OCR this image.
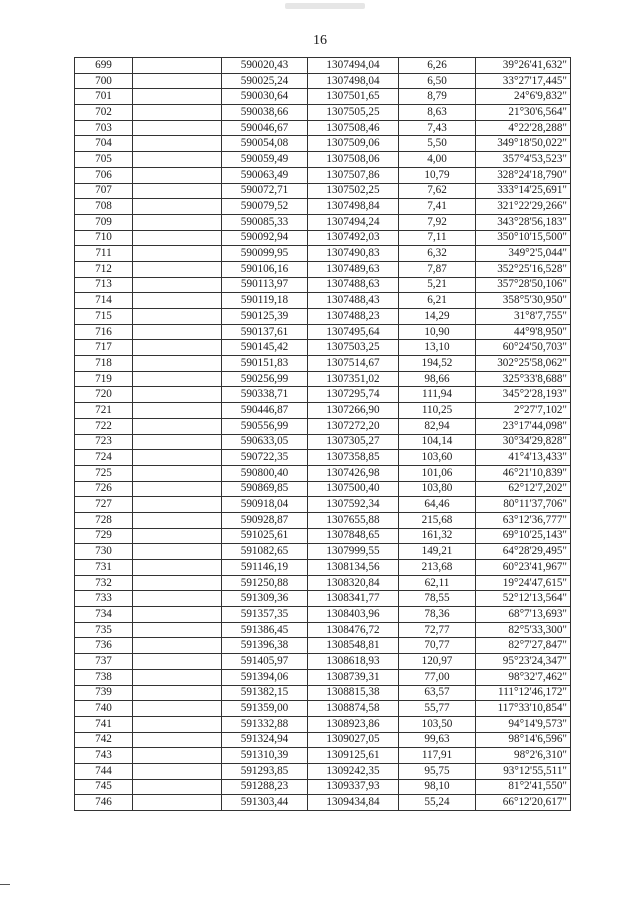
16
699		590020,43	1307494,04	6,26	39°26'41,632"
700		590025,24	1307498,04	6,50	33°27'17,445"
701		590030,64	1307501,65	8,79	24°6'9,832"
702		590038,66	1307505,25	8,63	21°30'6,564"
703		590046,67	1307508,46	7,43	4°22'28,288"
704		590054,08	1307509,06	5,50	349°18'50,022"
705		590059,49	1307508,06	4,00	357°4'53,523"
706		590063,49	1307507,86	10,79	328°24'18,790"
707		590072,71	1307502,25	7,62	333°14'25,691"
708		590079,52	1307498,84	7,41	321°22'29,266"
709		590085,33	1307494,24	7,92	343°28'56,183"
710		590092,94	1307492,03	7,11	350°10'15,500"
711		590099,95	1307490,83	6,32	349°2'5,044"
712		590106,16	1307489,63	7,87	352°25'16,528"
713		590113,97	1307488,63	5,21	357°28'50,106"
714		590119,18	1307488,43	6,21	358°5'30,950"
715		590125,39	1307488,23	14,29	31°8'7,755"
716		590137,61	1307495,64	10,90	44°9'8,950"
717		590145,42	1307503,25	13,10	60°24'50,703"
718		590151,83	1307514,67	194,52	302°25'58,062"
719		590256,99	1307351,02	98,66	325°33'8,688"
720		590338,71	1307295,74	111,94	345°2'28,193"
721		590446,87	1307266,90	110,25	2°27'7,102"
722		590556,99	1307272,20	82,94	23°17'44,098"
723		590633,05	1307305,27	104,14	30°34'29,828"
724		590722,35	1307358,85	103,60	41°4'13,433"
725		590800,40	1307426,98	101,06	46°21'10,839"
726		590869,85	1307500,40	103,80	62°12'7,202"
727		590918,04	1307592,34	64,46	80°11'37,706"
728		590928,87	1307655,88	215,68	63°12'36,777"
729		591025,61	1307848,65	161,32	69°10'25,143"
730		591082,65	1307999,55	149,21	64°28'29,495"
731		591146,19	1308134,56	213,68	60°23'41,967"
732		591250,88	1308320,84	62,11	19°24'47,615"
733		591309,36	1308341,77	78,55	52°12'13,564"
734		591357,35	1308403,96	78,36	68°7'13,693"
735		591386,45	1308476,72	72,77	82°5'33,300"
736		591396,38	1308548,81	70,77	82°7'27,847"
737		591405,97	1308618,93	120,97	95°23'24,347"
738		591394,06	1308739,31	77,00	98°32'7,462"
739		591382,15	1308815,38	63,57	111°12'46,172"
740		591359,00	1308874,58	55,77	117°33'10,854"
741		591332,88	1308923,86	103,50	94°14'9,573"
742		591324,94	1309027,05	99,63	98°14'6,596"
743		591310,39	1309125,61	117,91	98°2'6,310"
744		591293,85	1309242,35	95,75	93°12'55,511"
745		591288,23	1309337,93	98,10	81°2'41,550"
746		591303,44	1309434,84	55,24	66°12'20,617"
